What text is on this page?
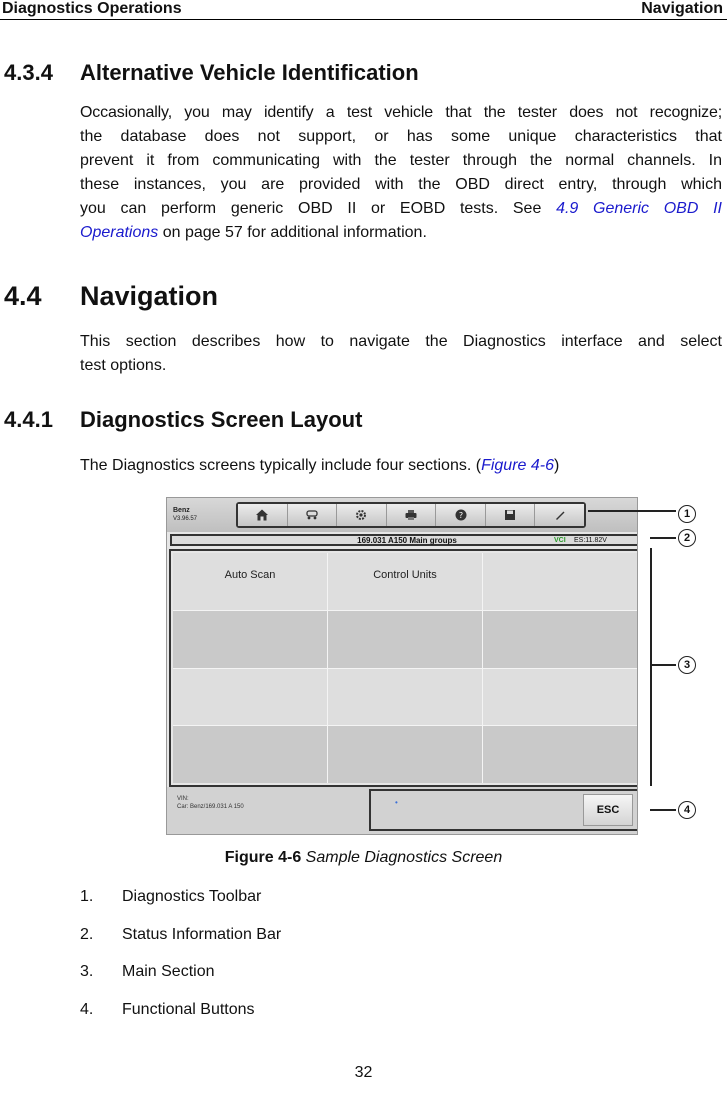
Diagnostics Operations	Navigation
4.3.4 Alternative Vehicle Identification
Occasionally, you may identify a test vehicle that the tester does not recognize;
the database does not support, or has some unique characteristics that
prevent it from communicating with the tester through the normal channels. In
these instances, you are provided with the OBD direct entry, through which
you can perform generic OBD II or EOBD tests. See 4.9 Generic OBD II
Operations on page 57 for additional information.
4.4 Navigation
This section describes how to navigate the Diagnostics interface and select
test options.
4.4.1 Diagnostics Screen Layout
The Diagnostics screens typically include four sections. (Figure 4-6)
Benz
V3.96.57	?
169.031 A150 Main groups	VCI ES:11.82V
Auto Scan	Control Units
VIN:
Car: Benz/169.031 A 150	•
ESC
1
2
3
4
Figure 4-6 Sample Diagnostics Screen
1. Diagnostics Toolbar
2. Status Information Bar
3. Main Section
4. Functional Buttons
32
